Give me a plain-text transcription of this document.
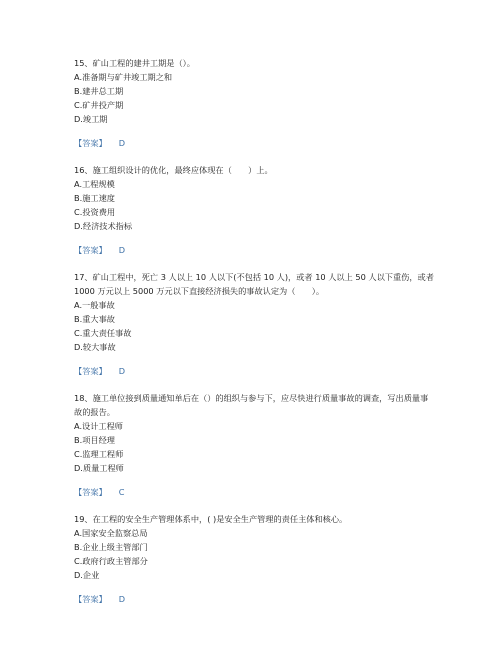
15、矿山工程的建井工期是（）。

A.准备期与矿井竣工期之和

B.建井总工期

C.矿井投产期

D.竣工期

【答案】 D

16、施工组织设计的优化，最终应体现在（　　）上。

A.工程规模

B.施工速度

C.投资费用

D.经济技术指标

【答案】 D

17、矿山工程中，死亡 3 人以上 10 人以下(不包括 10 人)，或者 10 人以上 50 人以下重伤，或者 1000 万元以上 5000 万元以下直接经济损失的事故认定为（　　）。

A.一般事故

B.重大事故

C.重大责任事故

D.较大事故

【答案】 D

18、施工单位接到质量通知单后在（）的组织与参与下，应尽快进行质量事故的调查，写出质量事故的报告。

A.设计工程师

B.项目经理

C.监理工程师

D.质量工程师

【答案】 C

19、在工程的安全生产管理体系中，( )是安全生产管理的责任主体和核心。

A.国家安全监察总局

B.企业上级主管部门

C.政府行政主管部分

D.企业

【答案】 D
